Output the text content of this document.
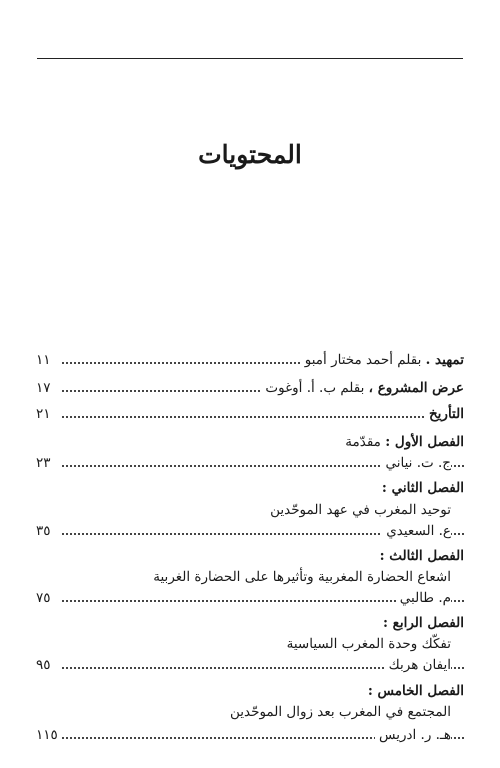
المحتويات
تمهيد . بقلم أحمد مختار أمبو
١١
عرض المشروع ، بقلم ب. أ. أوغوت
١٧
التأريخ
٢١
الفصل الأول : مقدّمة
ج. ت. نياني
٢٣
الفصل الثاني :
توحيد المغرب في عهد الموحّدين
ع. السعيدي
٣٥
الفصل الثالث :
اشعاع الحضارة المغربية وتأثيرها على الحضارة الغربية
م. طالبي
٧٥
الفصل الرابع :
تفكّك وحدة المغرب السياسية
ايفان هربك
٩٥
الفصل الخامس :
المجتمع في المغرب بعد زوال الموحّدين
هـ. ر. ادريس
١١٥
